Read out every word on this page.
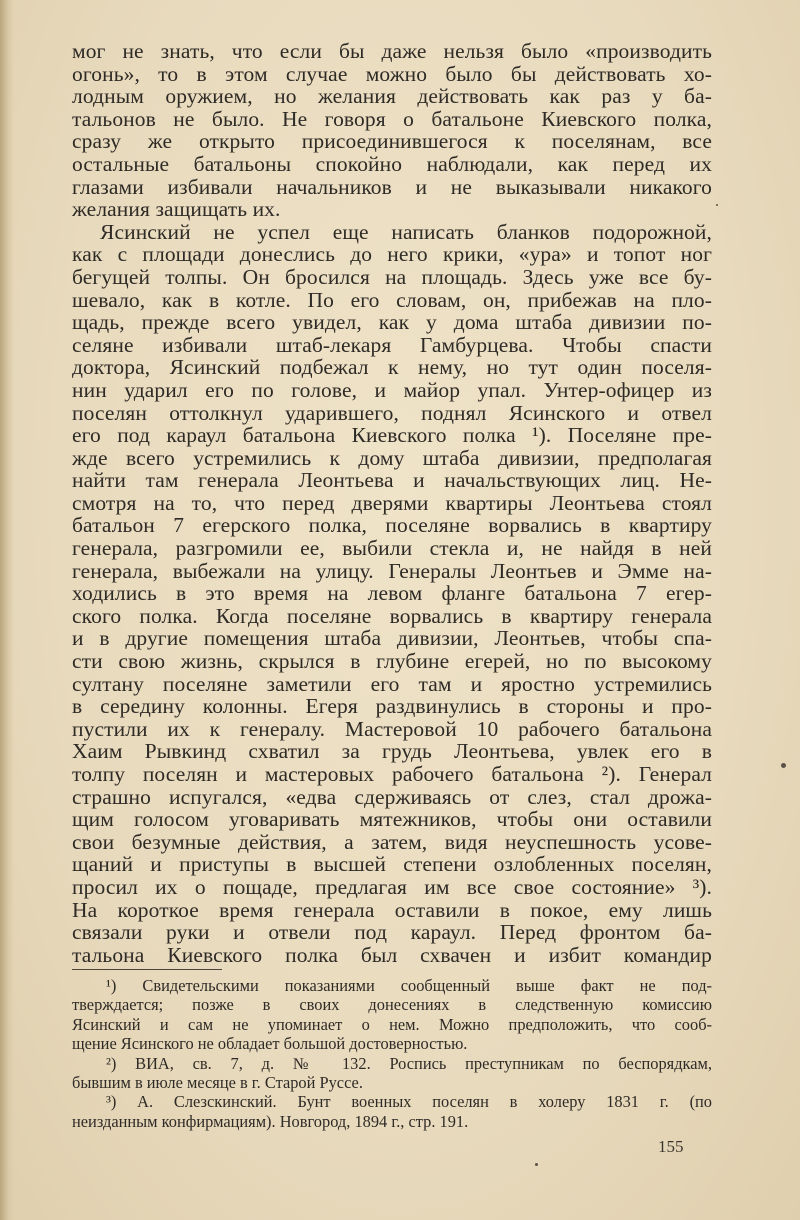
мог не знать, что если бы даже нельзя было «производить
огонь», то в этом случае можно было бы действовать хо-
лодным оружием, но желания действовать как раз у ба-
тальонов не было. Не говоря о батальоне Киевского полка,
сразу же открыто присоединившегося к поселянам, все
остальные батальоны спокойно наблюдали, как перед их
глазами избивали начальников и не выказывали никакого
желания защищать их.
Ясинский не успел еще написать бланков подорожной,
как с площади донеслись до него крики, «ура» и топот ног
бегущей толпы. Он бросился на площадь. Здесь уже все бу-
шевало, как в котле. По его словам, он, прибежав на пло-
щадь, прежде всего увидел, как у дома штаба дивизии по-
селяне избивали штаб-лекаря Гамбурцева. Чтобы спасти
доктора, Ясинский подбежал к нему, но тут один поселя-
нин ударил его по голове, и майор упал. Унтер-офицер из
поселян оттолкнул ударившего, поднял Ясинского и отвел
его под караул батальона Киевского полка ¹). Поселяне пре-
жде всего устремились к дому штаба дивизии, предполагая
найти там генерала Леонтьева и начальствующих лиц. Не-
смотря на то, что перед дверями квартиры Леонтьева стоял
батальон 7 егерского полка, поселяне ворвались в квартиру
генерала, разгромили ее, выбили стекла и, не найдя в ней
генерала, выбежали на улицу. Генералы Леонтьев и Эмме на-
ходились в это время на левом фланге батальона 7 егер-
ского полка. Когда поселяне ворвались в квартиру генерала
и в другие помещения штаба дивизии, Леонтьев, чтобы спа-
сти свою жизнь, скрылся в глубине егерей, но по высокому
султану поселяне заметили его там и яростно устремились
в середину колонны. Егеря раздвинулись в стороны и про-
пустили их к генералу. Мастеровой 10 рабочего батальона
Хаим Рывкинд схватил за грудь Леонтьева, увлек его в
толпу поселян и мастеровых рабочего батальона ²). Генерал
страшно испугался, «едва сдерживаясь от слез, стал дрожа-
щим голосом уговаривать мятежников, чтобы они оставили
свои безумные действия, а затем, видя неуспешность усове-
щаний и приступы в высшей степени озлобленных поселян,
просил их о пощаде, предлагая им все свое состояние» ³).
На короткое время генерала оставили в покое, ему лишь
связали руки и отвели под караул. Перед фронтом ба-
тальона Киевского полка был схвачен и избит командир
¹) Свидетельскими показаниями сообщенный выше факт не под-
тверждается; позже в своих донесениях в следственную комиссию
Ясинский и сам не упоминает о нем. Можно предположить, что сооб-
щение Ясинского не обладает большой достоверностью.
²) ВИА, св. 7, д. № 132. Роспись преступникам по беспорядкам,
бывшим в июле месяце в г. Старой Руссе.
³) А. Слезскинский. Бунт военных поселян в холеру 1831 г. (по
неизданным конфирмациям). Новгород, 1894 г., стр. 191.
155
